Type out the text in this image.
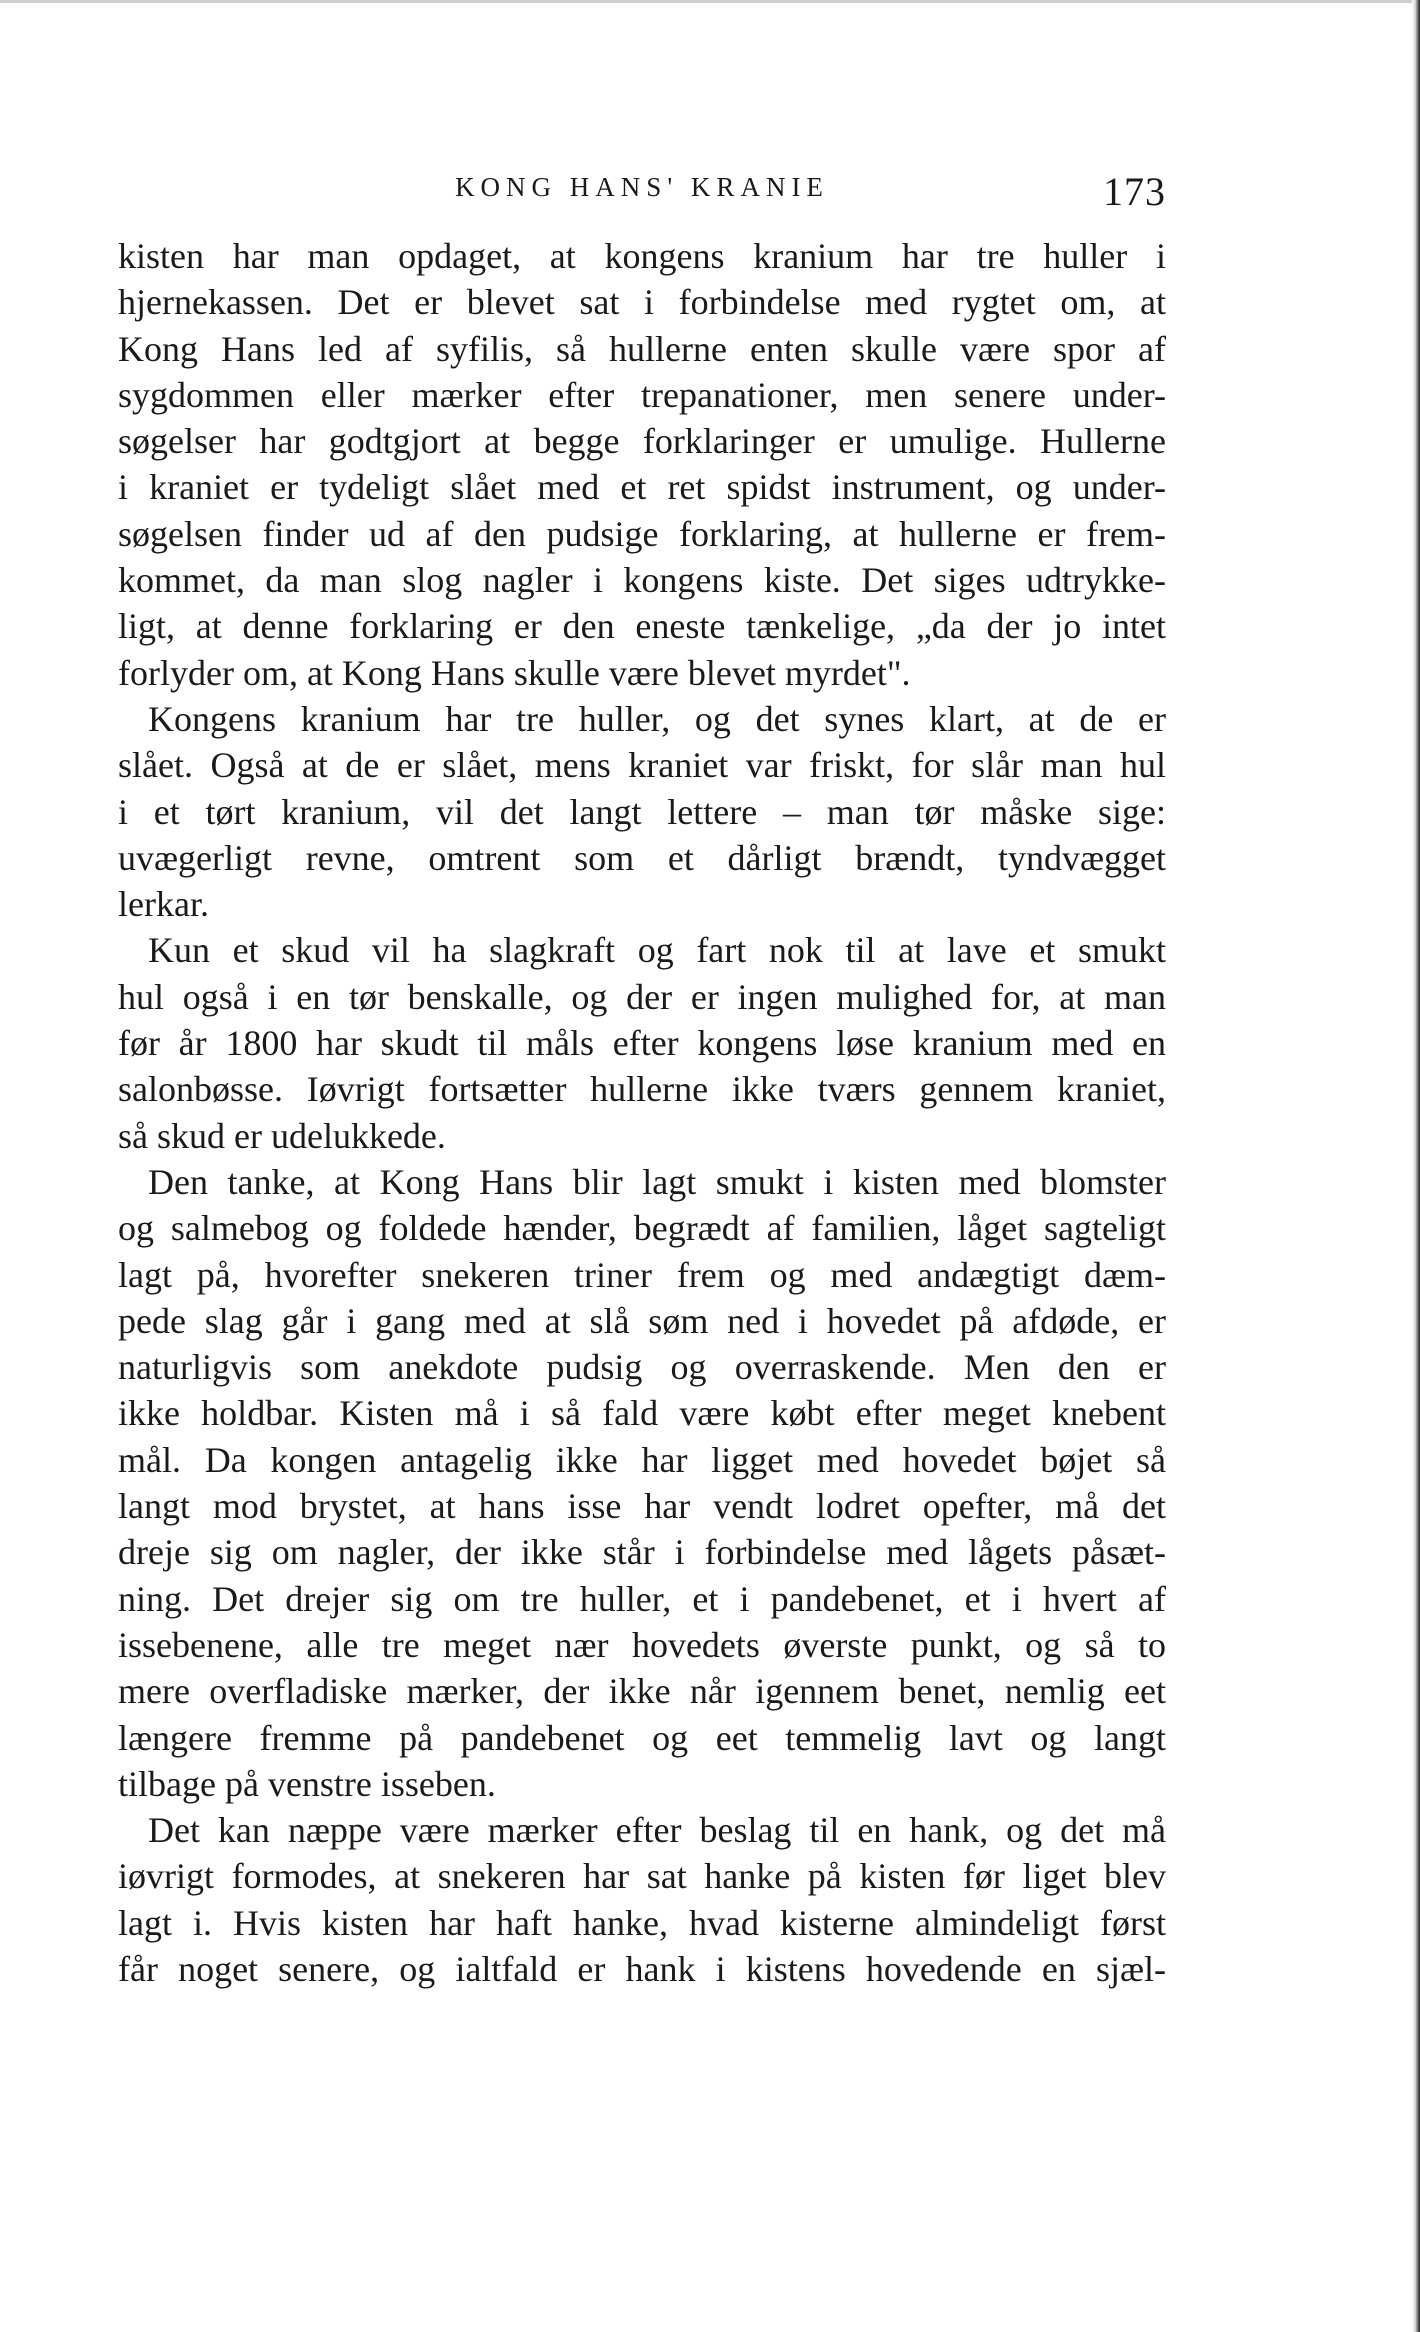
KONG HANS' KRANIE	173
kisten har man opdaget, at kongens kranium har tre huller i
hjernekassen. Det er blevet sat i forbindelse med rygtet om, at
Kong Hans led af syfilis, så hullerne enten skulle være spor af
sygdommen eller mærker efter trepanationer, men senere under-
søgelser har godtgjort at begge forklaringer er umulige. Hullerne
i kraniet er tydeligt slået med et ret spidst instrument, og under-
søgelsen finder ud af den pudsige forklaring, at hullerne er frem-
kommet, da man slog nagler i kongens kiste. Det siges udtrykke-
ligt, at denne forklaring er den eneste tænkelige, „da der jo intet
forlyder om, at Kong Hans skulle være blevet myrdet".
Kongens kranium har tre huller, og det synes klart, at de er
slået. Også at de er slået, mens kraniet var friskt, for slår man hul
i et tørt kranium, vil det langt lettere – man tør måske sige:
uvægerligt revne, omtrent som et dårligt brændt, tyndvægget
lerkar.
Kun et skud vil ha slagkraft og fart nok til at lave et smukt
hul også i en tør benskalle, og der er ingen mulighed for, at man
før år 1800 har skudt til måls efter kongens løse kranium med en
salonbøsse. Iøvrigt fortsætter hullerne ikke tværs gennem kraniet,
så skud er udelukkede.
Den tanke, at Kong Hans blir lagt smukt i kisten med blomster
og salmebog og foldede hænder, begrædt af familien, låget sagteligt
lagt på, hvorefter snekeren triner frem og med andægtigt dæm-
pede slag går i gang med at slå søm ned i hovedet på afdøde, er
naturligvis som anekdote pudsig og overraskende. Men den er
ikke holdbar. Kisten må i så fald være købt efter meget knebent
mål. Da kongen antagelig ikke har ligget med hovedet bøjet så
langt mod brystet, at hans isse har vendt lodret opefter, må det
dreje sig om nagler, der ikke står i forbindelse med lågets påsæt-
ning. Det drejer sig om tre huller, et i pandebenet, et i hvert af
issebenene, alle tre meget nær hovedets øverste punkt, og så to
mere overfladiske mærker, der ikke når igennem benet, nemlig eet
længere fremme på pandebenet og eet temmelig lavt og langt
tilbage på venstre isseben.
Det kan næppe være mærker efter beslag til en hank, og det må
iøvrigt formodes, at snekeren har sat hanke på kisten før liget blev
lagt i. Hvis kisten har haft hanke, hvad kisterne almindeligt først
får noget senere, og ialtfald er hank i kistens hovedende en sjæl-
